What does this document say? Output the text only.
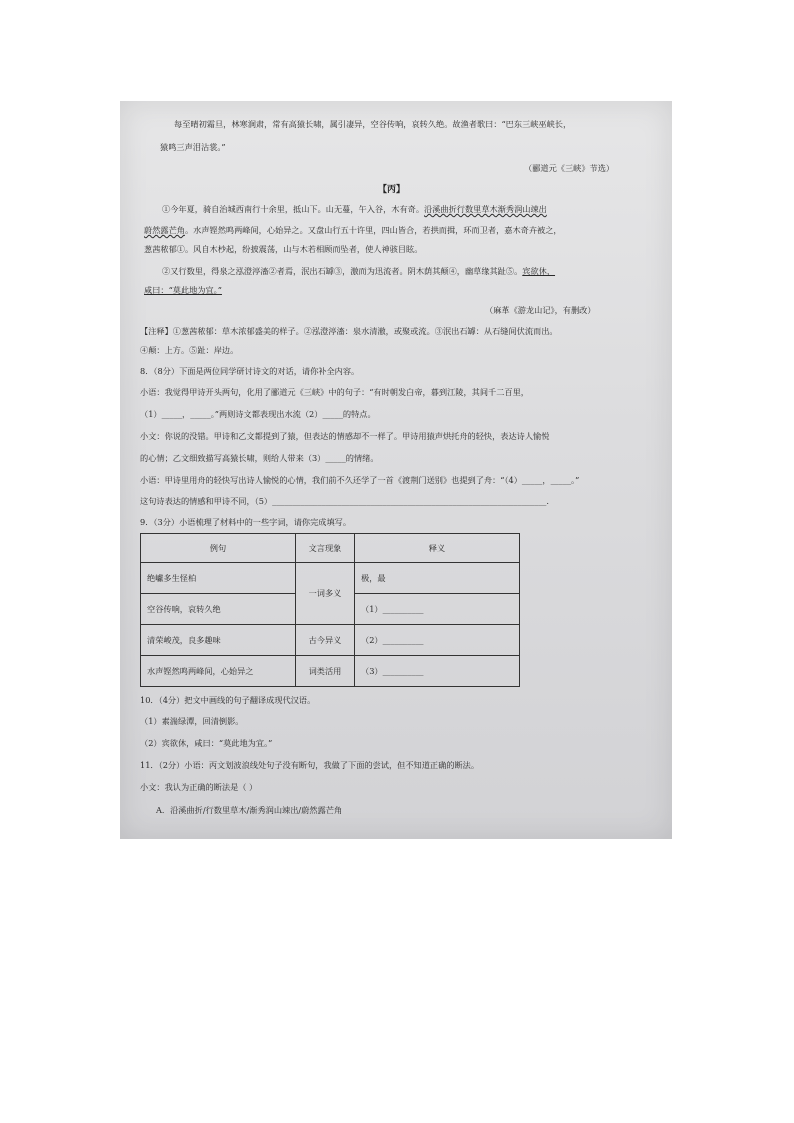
每至晴初霜旦，林寒涧肃，常有高猿长啸，属引凄异，空谷传响，哀转久绝。故渔者歌曰：“巴东三峡巫峡长，
猿鸣三声泪沾裳。”
（郦道元《三峡》节选）
【丙】
①今年夏，骑自治城西南行十余里，抵山下。山无蔓，午入谷，木有奇。沿溪曲折行数里草木渐秀润山竦出
蔚然露芒角。水声铿然鸣两峰间，心始异之。又盘山行五十许里，四山皆合，若拱而揖，环而卫者，嘉木奇卉被之，
葱茜秾郁①。风自木杪起，纷披震荡，山与木若相顾而坠者，使人神骇目眩。
②又行数里，得泉之泓澄渟滀②者焉，泯出石罅③，激而为迅流者。阴木荫其颠④，幽草缘其趾⑤。宾欲休，
咸曰：“莫此地为宜。”
（麻革《游龙山记》，有删改）
【注释】①葱茜秾郁：草木浓郁盛美的样子。②泓澄渟滀：泉水清澈，或聚或流。③泯出石罅：从石缝间伏流而出。
④颠：上方。⑤趾：岸边。
8．（8分）下面是两位同学研讨诗文的对话，请你补全内容。
小语：我觉得甲诗开头两句，化用了郦道元《三峡》中的句子：“有时朝发白帝，暮到江陵，其间千二百里，
（1）_____，_____。”两则诗文都表现出水流（2）_____的特点。
小文：你说的没错。甲诗和乙文都提到了猿，但表达的情感却不一样了。甲诗用猿声烘托舟的轻快，表达诗人愉悦
的心情；乙文细致描写高猿长啸，则给人带来（3）_____的情绪。
小语：甲诗里用舟的轻快写出诗人愉悦的心情，我们前不久还学了一首《渡荆门送别》也提到了舟：“（4）_____，_____。”
这句诗表达的情感和甲诗不同，（5）___________________________________________________________________.
9．（3分）小语梳理了材料中的一些字词，请你完成填写。
例句	文言现象	释义
绝巘多生怪柏	一词多义	极，最
空谷传响，哀转久绝		（1）__________
清荣峻茂，良多趣味	古今异义	（2）__________
水声铿然鸣两峰间，心始异之	词类活用	（3）__________
10．（4分）把文中画线的句子翻译成现代汉语。
（1）素湍绿潭，回清倒影。
（2）宾欲休，咸曰：“莫此地为宜。”
11．（2分）小语：丙文划波浪线处句子没有断句，我做了下面的尝试，但不知道正确的断法。
小文：我认为正确的断法是（ ）
A．沿溪曲折/行数里草木/渐秀润山竦出/蔚然露芒角
